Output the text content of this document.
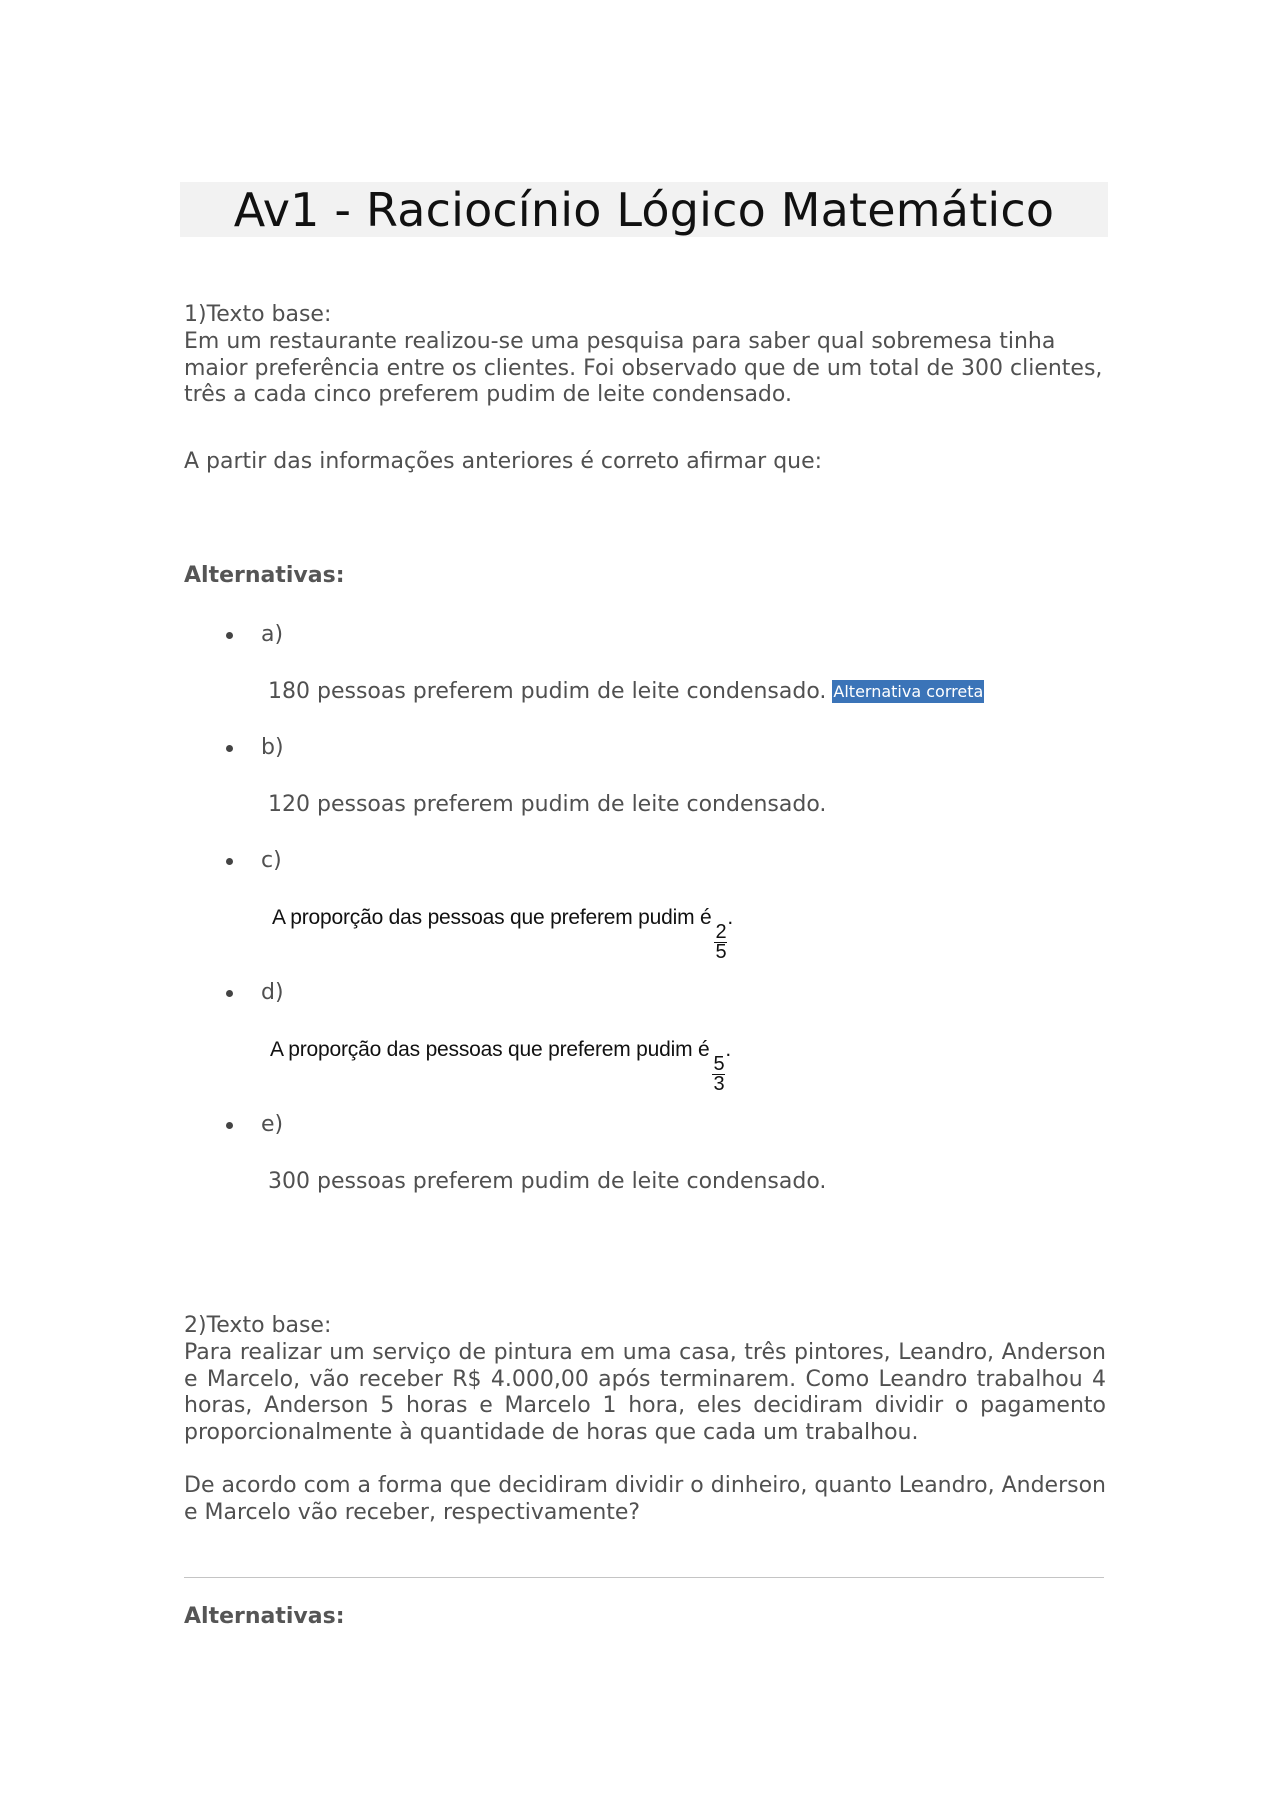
Av1 - Raciocínio Lógico Matemático
1)Texto base:
Em um restaurante realizou-se uma pesquisa para saber qual sobremesa tinha maior preferência entre os clientes. Foi observado que de um total de 300 clientes, três a cada cinco preferem pudim de leite condensado.
A partir das informações anteriores é correto afirmar que:
Alternativas:
a)
180 pessoas preferem pudim de leite condensado. Alternativa correta
b)
120 pessoas preferem pudim de leite condensado.
c)
A proporção das pessoas que preferem pudim é
$\frac{2}{5}$
.
d)
A proporção das pessoas que preferem pudim é
$\frac{5}{3}$
.
e)
300 pessoas preferem pudim de leite condensado.
2)Texto base:
Para realizar um serviço de pintura em uma casa, três pintores, Leandro, Anderson e Marcelo, vão receber R$ 4.000,00 após terminarem. Como Leandro trabalhou 4 horas, Anderson 5 horas e Marcelo 1 hora, eles decidiram dividir o pagamento proporcionalmente à quantidade de horas que cada um trabalhou.
De acordo com a forma que decidiram dividir o dinheiro, quanto Leandro, Anderson e Marcelo vão receber, respectivamente?
Alternativas:
